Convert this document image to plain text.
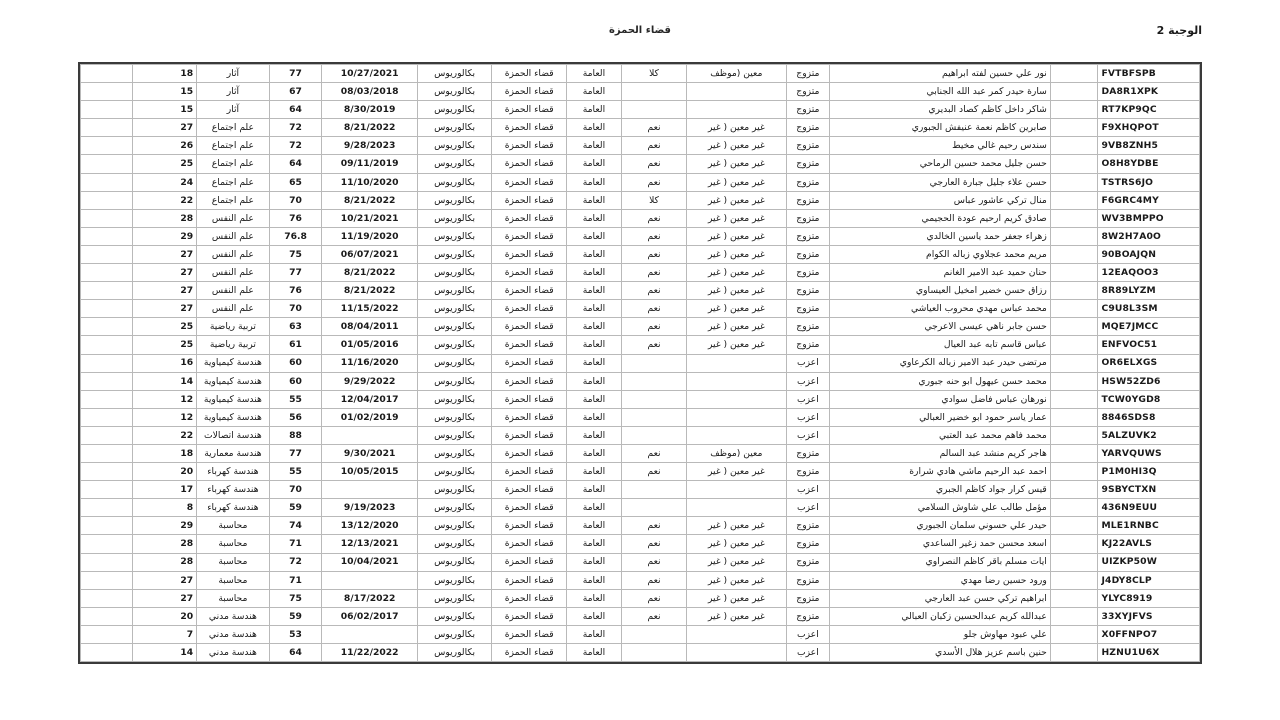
الوجبة 2
قضاء الحمزة
FVTBFSPB		نور علي حسين لفته ابراهيم	متزوج	معين (موظف	كلا	العامة	قضاء الحمزة	بكالوريوس	10/27/2021	77	آثار	18	
DA8R1XPK		سارة حيدر كمر عبد الله الجنابي	متزوج			العامة	قضاء الحمزة	بكالوريوس	08/03/2018	67	آثار	15	
RT7KP9QC		شاكر داخل كاظم كصاد البديري	متزوج			العامة	قضاء الحمزة	بكالوريوس	8/30/2019	64	آثار	15	
F9XHQPOT		صابرين كاظم نعمة عنيفش الجبوري	متزوج	غير معين ( غير	نعم	العامة	قضاء الحمزة	بكالوريوس	8/21/2022	72	علم اجتماع	27	
9VB8ZNH5		سندس رحيم غالي مخيط	متزوج	غير معين ( غير	نعم	العامة	قضاء الحمزة	بكالوريوس	9/28/2023	72	علم اجتماع	26	
O8H8YDBE		حسن جليل محمد حسين الرماحي	متزوج	غير معين ( غير	نعم	العامة	قضاء الحمزة	بكالوريوس	09/11/2019	64	علم اجتماع	25	
TSTRS6JO		حسن علاء جليل جبارة العارجي	متزوج	غير معين ( غير	نعم	العامة	قضاء الحمزة	بكالوريوس	11/10/2020	65	علم اجتماع	24	
F6GRC4MY		منال تركي عاشور عباس	متزوج	غير معين ( غير	كلا	العامة	قضاء الحمزة	بكالوريوس	8/21/2022	70	علم اجتماع	22	
WV3BMPPO		صادق كريم ارحيم عودة الحجيمي	متزوج	غير معين ( غير	نعم	العامة	قضاء الحمزة	بكالوريوس	10/21/2021	76	علم النفس	28	
8W2H7A0O		زهراء جعفر حمد ياسين الخالدي	متزوج	غير معين ( غير	نعم	العامة	قضاء الحمزة	بكالوريوس	11/19/2020	76.8	علم النفس	29	
90BOAJQN		مريم محمد عجلاوي زباله الكوام	متزوج	غير معين ( غير	نعم	العامة	قضاء الحمزة	بكالوريوس	06/07/2021	75	علم النفس	27	
12EAQOO3		حنان حميد عبد الامير الغانم	متزوج	غير معين ( غير	نعم	العامة	قضاء الحمزة	بكالوريوس	8/21/2022	77	علم النفس	27	
8R89LYZM		رزاق حسن خضير امخيل العيساوي	متزوج	غير معين ( غير	نعم	العامة	قضاء الحمزة	بكالوريوس	8/21/2022	76	علم النفس	27	
C9U8L3SM		محمد عباس مهدي محروب العياشي	متزوج	غير معين ( غير	نعم	العامة	قضاء الحمزة	بكالوريوس	11/15/2022	70	علم النفس	27	
MQE7JMCC		حسن جابر ناهي عيسى الاعرجي	متزوج	غير معين ( غير	نعم	العامة	قضاء الحمزة	بكالوريوس	08/04/2011	63	تربية رياضية	25	
ENFVOC51		عباس قاسم تابه عبد العيال	متزوج	غير معين ( غير	نعم	العامة	قضاء الحمزة	بكالوريوس	01/05/2016	61	تربية رياضية	25	
OR6ELXGS		مرتضى حيدر عبد الامير زباله الكرعاوي	اعزب			العامة	قضاء الحمزة	بكالوريوس	11/16/2020	60	هندسة كيمياوية	16	
HSW52ZD6		محمد حسن عيهول ابو حنه جبوري	اعزب			العامة	قضاء الحمزة	بكالوريوس	9/29/2022	60	هندسة كيمياوية	14	
TCW0YGD8		نورهان عباس فاضل سوادي	اعزب			العامة	قضاء الحمزة	بكالوريوس	12/04/2017	55	هندسة كيمياوية	12	
8846SDS8		عمار ياسر حمود ابو خضير العبالي	اعزب			العامة	قضاء الحمزة	بكالوريوس	01/02/2019	56	هندسة كيمياوية	12	
5ALZUVK2		محمد فاهم محمد عبد العتبي	اعزب			العامة	قضاء الحمزة	بكالوريوس		88	هندسة اتصالات	22	
YARVQUWS		هاجر كريم منشد عبد السالم	متزوج	معين (موظف	نعم	العامة	قضاء الحمزة	بكالوريوس	9/30/2021	77	هندسة معمارية	18	
P1M0HI3Q		احمد عبد الرحيم ماشي هادي شرارة	متزوج	غير معين ( غير	نعم	العامة	قضاء الحمزة	بكالوريوس	10/05/2015	55	هندسة كهرباء	20	
9SBYCTXN		قيس كرار جواد كاظم الجبري	اعزب			العامة	قضاء الحمزة	بكالوريوس		70	هندسة كهرباء	17	
436N9EUU		مؤمل طالب علي شاوش السلامي	اعزب			العامة	قضاء الحمزة	بكالوريوس	9/19/2023	59	هندسة كهرباء	8	
MLE1RNBC		حيدر علي حسوني سلمان الجبوري	متزوج	غير معين ( غير	نعم	العامة	قضاء الحمزة	بكالوريوس	13/12/2020	74	محاسبة	29	
KJ22AVLS		اسعد محسن حمد زغير الساعدي	متزوج	غير معين ( غير	نعم	العامة	قضاء الحمزة	بكالوريوس	12/13/2021	71	محاسبة	28	
UIZKP50W		ايات مسلم باقر كاظم النصراوي	متزوج	غير معين ( غير	نعم	العامة	قضاء الحمزة	بكالوريوس	10/04/2021	72	محاسبة	28	
J4DY8CLP		ورود حسين رضا مهدي	متزوج	غير معين ( غير	نعم	العامة	قضاء الحمزة	بكالوريوس		71	محاسبة	27	
YLYC8919		ابراهيم تركي حسن عبد العارجي	متزوج	غير معين ( غير	نعم	العامة	قضاء الحمزة	بكالوريوس	8/17/2022	75	محاسبة	27	
33XYJFVS		عبدالله كريم عبدالحسين زكبان العبالي	متزوج	غير معين ( غير	نعم	العامة	قضاء الحمزة	بكالوريوس	06/02/2017	59	هندسة مدني	20	
X0FFNPO7		علي عبود مهاوش جلو	اعزب			العامة	قضاء الحمزة	بكالوريوس		53	هندسة مدني	7	
HZNU1U6X		حنين باسم عزيز هلال الأسدي	اعزب			العامة	قضاء الحمزة	بكالوريوس	11/22/2022	64	هندسة مدني	14	
